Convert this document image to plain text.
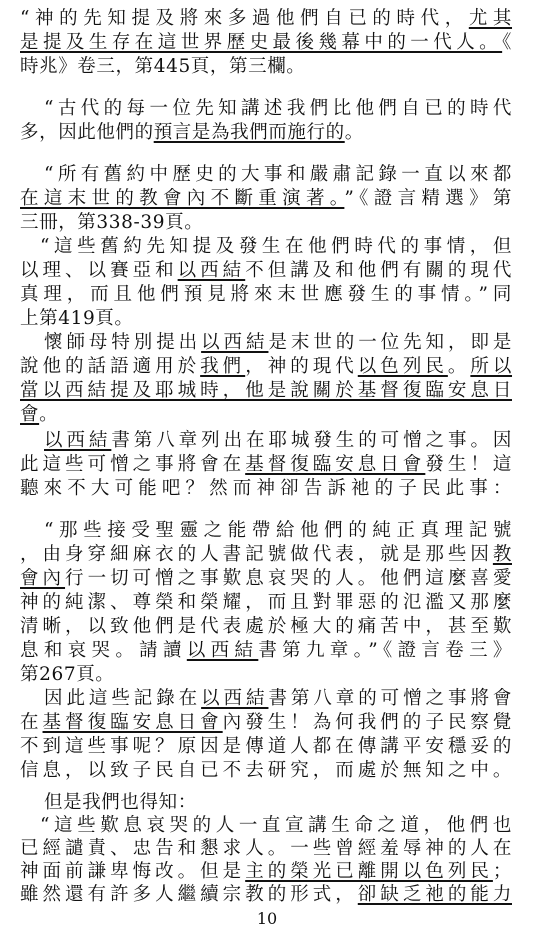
“神的先知提及將來多過他們自已的時代，尤其
是提及生存在這世界歷史最後幾幕中的一代人。《
時兆》卷三，第445頁，第三欄。
“古代的每一位先知講述我們比他們自已的時代
多，因此他們的預言是為我們而施行的。
“所有舊約中歷史的大事和嚴肅記錄一直以來都
在這末世的教會內不斷重演著。”《證言精選》第
三冊，第338-39頁。
“這些舊約先知提及發生在他們時代的事情，但
以理、以賽亞和以西結不但講及和他們有關的現代
真理，而且他們預見將來末世應發生的事情。”同
上第419頁。
懷師母特別提出以西結是末世的一位先知，即是
說他的話語適用於我們，神的現代以色列民。所以
當以西結提及耶城時，他是說關於基督復臨安息日
會。
以西結書第八章列出在耶城發生的可憎之事。因
此這些可憎之事將會在基督復臨安息日會發生！這
聽來不大可能吧？然而神卻告訴祂的子民此事：
“那些接受聖靈之能帶給他們的純正真理記號
，由身穿細麻衣的人書記號做代表，就是那些因教
會內行一切可憎之事歎息哀哭的人。他們這麼喜愛
神的純潔、尊榮和榮耀，而且對罪惡的氾濫又那麼
清晰，以致他們是代表處於極大的痛苦中，甚至歎
息和哀哭。請讀以西結書第九章。”《證言卷三》
第267頁。
因此這些記錄在以西結書第八章的可憎之事將會
在基督復臨安息日會內發生！為何我們的子民察覺
不到這些事呢？原因是傳道人都在傳講平安穩妥的
信息，以致子民自已不去研究，而處於無知之中。
但是我們也得知：
“這些歎息哀哭的人一直宣講生命之道，他們也
10
已經譴責、忠告和懇求人。一些曾經羞辱神的人在
神面前謙卑悔改。但是主的榮光已離開以色列民；
雖然還有許多人繼續宗教的形式，卻缺乏祂的能力
